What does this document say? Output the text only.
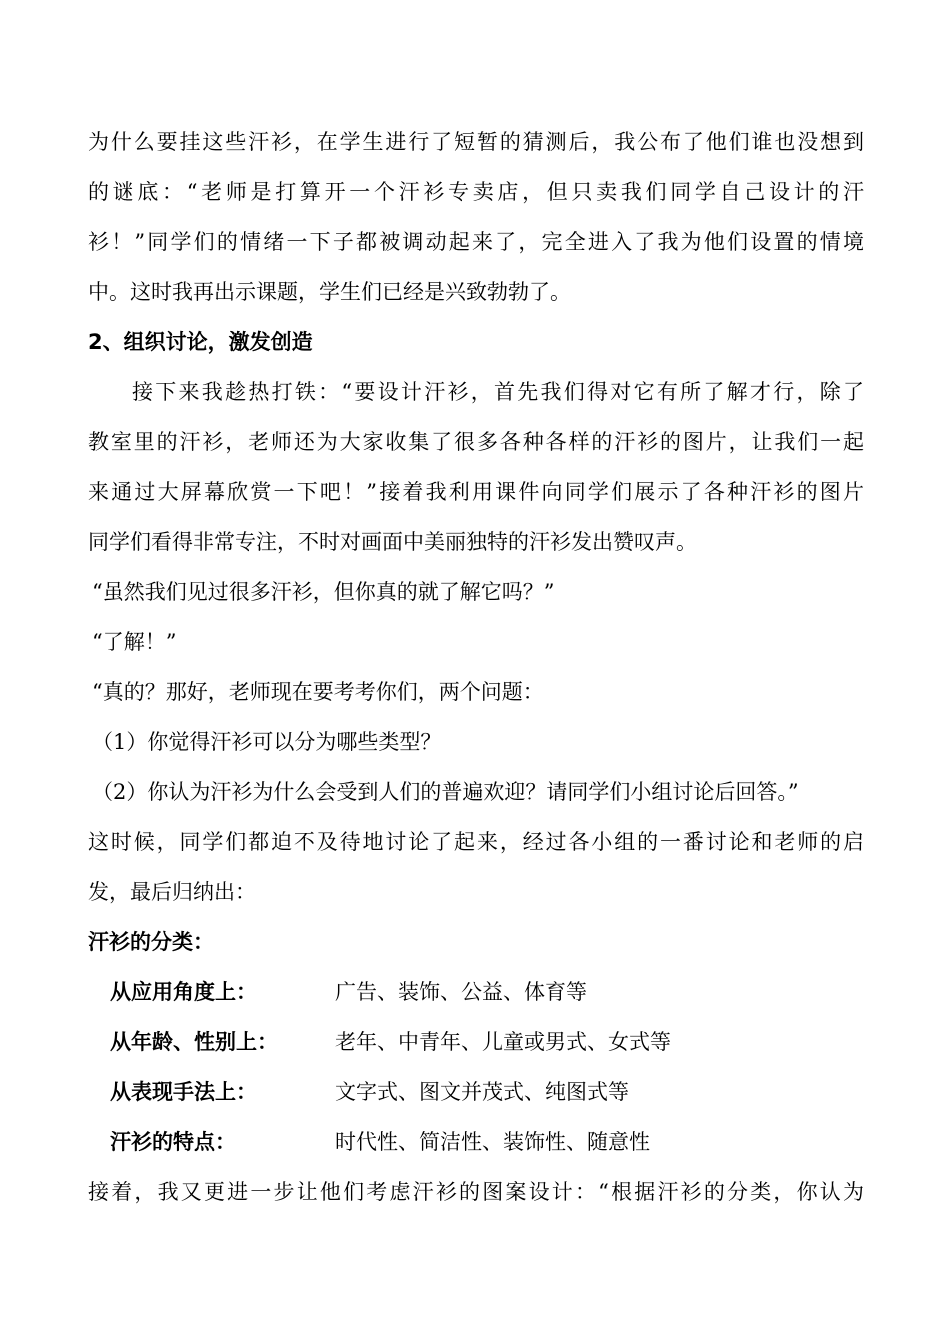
为什么要挂这些汗衫，在学生进行了短暂的猜测后，我公布了他们谁也没想到
的谜底：“老师是打算开一个汗衫专卖店，但只卖我们同学自己设计的汗
衫！”同学们的情绪一下子都被调动起来了，完全进入了我为他们设置的情境
中。这时我再出示课题，学生们已经是兴致勃勃了。
2、组织讨论，激发创造
接下来我趁热打铁：“要设计汗衫，首先我们得对它有所了解才行，除了
教室里的汗衫，老师还为大家收集了很多各种各样的汗衫的图片，让我们一起
来通过大屏幕欣赏一下吧！”接着我利用课件向同学们展示了各种汗衫的图片
同学们看得非常专注，不时对画面中美丽独特的汗衫发出赞叹声。
“虽然我们见过很多汗衫，但你真的就了解它吗？”
“了解！”
“真的？那好，老师现在要考考你们，两个问题：
（1）你觉得汗衫可以分为哪些类型？
（2）你认为汗衫为什么会受到人们的普遍欢迎？请同学们小组讨论后回答。”
这时候，同学们都迫不及待地讨论了起来，经过各小组的一番讨论和老师的启
发，最后归纳出：
汗衫的分类：
从应用角度上：	广告、装饰、公益、体育等
从年龄、性别上：	老年、中青年、儿童或男式、女式等
从表现手法上：	文字式、图文并茂式、纯图式等
汗衫的特点：	时代性、简洁性、装饰性、随意性
接着，我又更进一步让他们考虑汗衫的图案设计：“根据汗衫的分类，你认为
